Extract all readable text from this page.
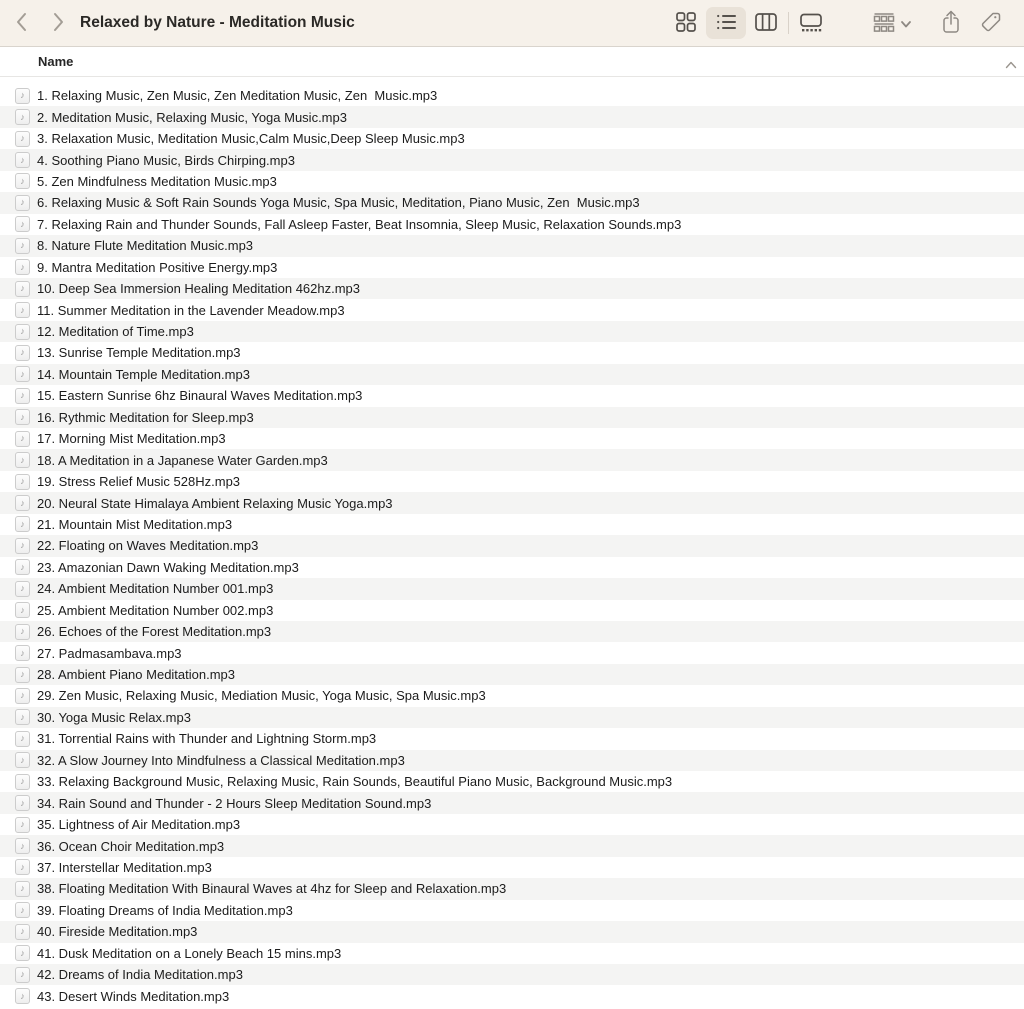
Relaxed by Nature - Meditation Music
Name
♪ 1. Relaxing Music, Zen Music, Zen Meditation Music, Zen  Music.mp3
♪ 2. Meditation Music, Relaxing Music, Yoga Music.mp3
♪ 3. Relaxation Music, Meditation Music,Calm Music,Deep Sleep Music.mp3
♪ 4. Soothing Piano Music, Birds Chirping.mp3
♪ 5. Zen Mindfulness Meditation Music.mp3
♪ 6. Relaxing Music & Soft Rain Sounds Yoga Music, Spa Music, Meditation, Piano Music, Zen  Music.mp3
♪ 7. Relaxing Rain and Thunder Sounds, Fall Asleep Faster, Beat Insomnia, Sleep Music, Relaxation Sounds.mp3
♪ 8. Nature Flute Meditation Music.mp3
♪ 9. Mantra Meditation Positive Energy.mp3
♪ 10. Deep Sea Immersion Healing Meditation 462hz.mp3
♪ 11. Summer Meditation in the Lavender Meadow.mp3
♪ 12. Meditation of Time.mp3
♪ 13. Sunrise Temple Meditation.mp3
♪ 14. Mountain Temple Meditation.mp3
♪ 15. Eastern Sunrise 6hz Binaural Waves Meditation.mp3
♪ 16. Rythmic Meditation for Sleep.mp3
♪ 17. Morning Mist Meditation.mp3
♪ 18. A Meditation in a Japanese Water Garden.mp3
♪ 19. Stress Relief Music 528Hz.mp3
♪ 20. Neural State Himalaya Ambient Relaxing Music Yoga.mp3
♪ 21. Mountain Mist Meditation.mp3
♪ 22. Floating on Waves Meditation.mp3
♪ 23. Amazonian Dawn Waking Meditation.mp3
♪ 24. Ambient Meditation Number 001.mp3
♪ 25. Ambient Meditation Number 002.mp3
♪ 26. Echoes of the Forest Meditation.mp3
♪ 27. Padmasambava.mp3
♪ 28. Ambient Piano Meditation.mp3
♪ 29. Zen Music, Relaxing Music, Mediation Music, Yoga Music, Spa Music.mp3
♪ 30. Yoga Music Relax.mp3
♪ 31. Torrential Rains with Thunder and Lightning Storm.mp3
♪ 32. A Slow Journey Into Mindfulness a Classical Meditation.mp3
♪ 33. Relaxing Background Music, Relaxing Music, Rain Sounds, Beautiful Piano Music, Background Music.mp3
♪ 34. Rain Sound and Thunder - 2 Hours Sleep Meditation Sound.mp3
♪ 35. Lightness of Air Meditation.mp3
♪ 36. Ocean Choir Meditation.mp3
♪ 37. Interstellar Meditation.mp3
♪ 38. Floating Meditation With Binaural Waves at 4hz for Sleep and Relaxation.mp3
♪ 39. Floating Dreams of India Meditation.mp3
♪ 40. Fireside Meditation.mp3
♪ 41. Dusk Meditation on a Lonely Beach 15 mins.mp3
♪ 42. Dreams of India Meditation.mp3
♪ 43. Desert Winds Meditation.mp3
